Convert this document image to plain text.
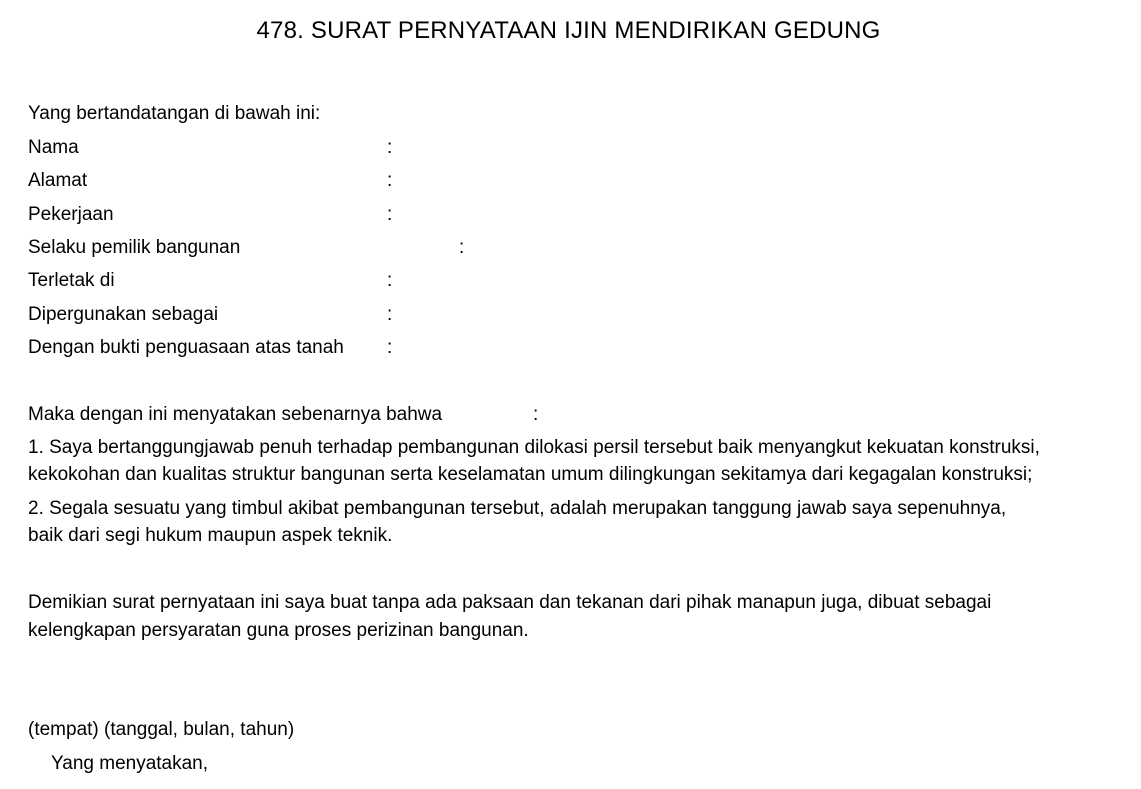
478. SURAT PERNYATAAN IJIN MENDIRIKAN GEDUNG
Yang bertandatangan di bawah ini:
Nama	:
Alamat	:
Pekerjaan	:
Selaku pemilik bangunan	:
Terletak di	:
Dipergunakan sebagai	:
Dengan bukti penguasaan atas tanah :
Maka dengan ini menyatakan sebenarnya bahwa	:
1. Saya bertanggungjawab penuh terhadap pembangunan dilokasi persil tersebut baik menyangkut kekuatan konstruksi,
kekokohan dan kualitas struktur bangunan serta keselamatan umum dilingkungan sekitamya dari kegagalan konstruksi;
2. Segala sesuatu yang timbul akibat pembangunan tersebut, adalah merupakan tanggung jawab saya sepenuhnya,
baik dari segi hukum maupun aspek teknik.
Demikian surat pernyataan ini saya buat tanpa ada paksaan dan tekanan dari pihak manapun juga, dibuat sebagai
kelengkapan persyaratan guna proses perizinan bangunan.
(tempat) (tanggal, bulan, tahun)
Yang menyatakan,
